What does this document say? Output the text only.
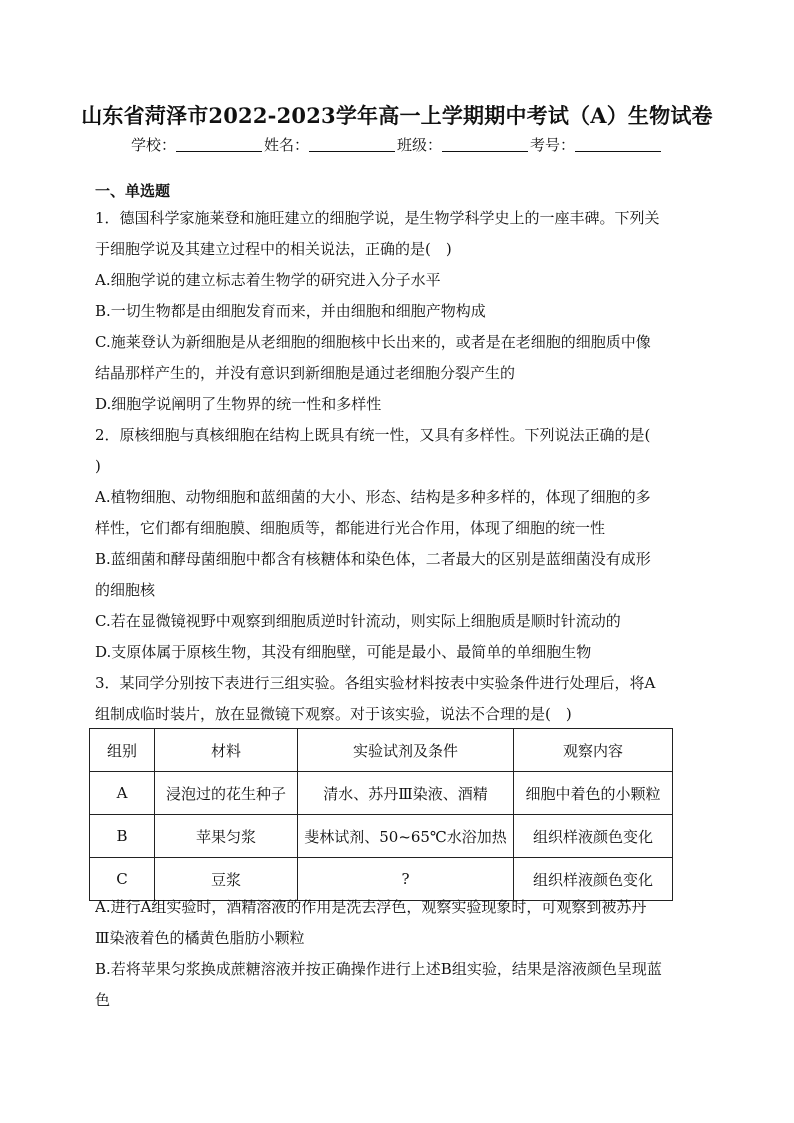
山东省菏泽市2022-2023学年高一上学期期中考试（A）生物试卷
学校：	姓名：	班级：	考号：
一、单选题
1．德国科学家施莱登和施旺建立的细胞学说，是生物学科学史上的一座丰碑。下列关
于细胞学说及其建立过程中的相关说法，正确的是(　)
A.细胞学说的建立标志着生物学的研究进入分子水平
B.一切生物都是由细胞发育而来，并由细胞和细胞产物构成
C.施莱登认为新细胞是从老细胞的细胞核中长出来的，或者是在老细胞的细胞质中像
结晶那样产生的，并没有意识到新细胞是通过老细胞分裂产生的
D.细胞学说阐明了生物界的统一性和多样性
2．原核细胞与真核细胞在结构上既具有统一性，又具有多样性。下列说法正确的是(
)
A.植物细胞、动物细胞和蓝细菌的大小、形态、结构是多种多样的，体现了细胞的多
样性，它们都有细胞膜、细胞质等，都能进行光合作用，体现了细胞的统一性
B.蓝细菌和酵母菌细胞中都含有核糖体和染色体，二者最大的区别是蓝细菌没有成形
的细胞核
C.若在显微镜视野中观察到细胞质逆时针流动，则实际上细胞质是顺时针流动的
D.支原体属于原核生物，其没有细胞壁，可能是最小、最简单的单细胞生物
3．某同学分别按下表进行三组实验。各组实验材料按表中实验条件进行处理后，将A
组制成临时装片，放在显微镜下观察。对于该实验，说法不合理的是(　)
组别	材料	实验试剂及条件	观察内容
A	浸泡过的花生种子	清水、苏丹Ⅲ染液、酒精	细胞中着色的小颗粒
B	苹果匀浆	斐林试剂、50~65℃水浴加热	组织样液颜色变化
C	豆浆	?	组织样液颜色变化
A.进行A组实验时，酒精溶液的作用是洗去浮色，观察实验现象时，可观察到被苏丹
Ⅲ染液着色的橘黄色脂肪小颗粒
B.若将苹果匀浆换成蔗糖溶液并按正确操作进行上述B组实验，结果是溶液颜色呈现蓝
色
